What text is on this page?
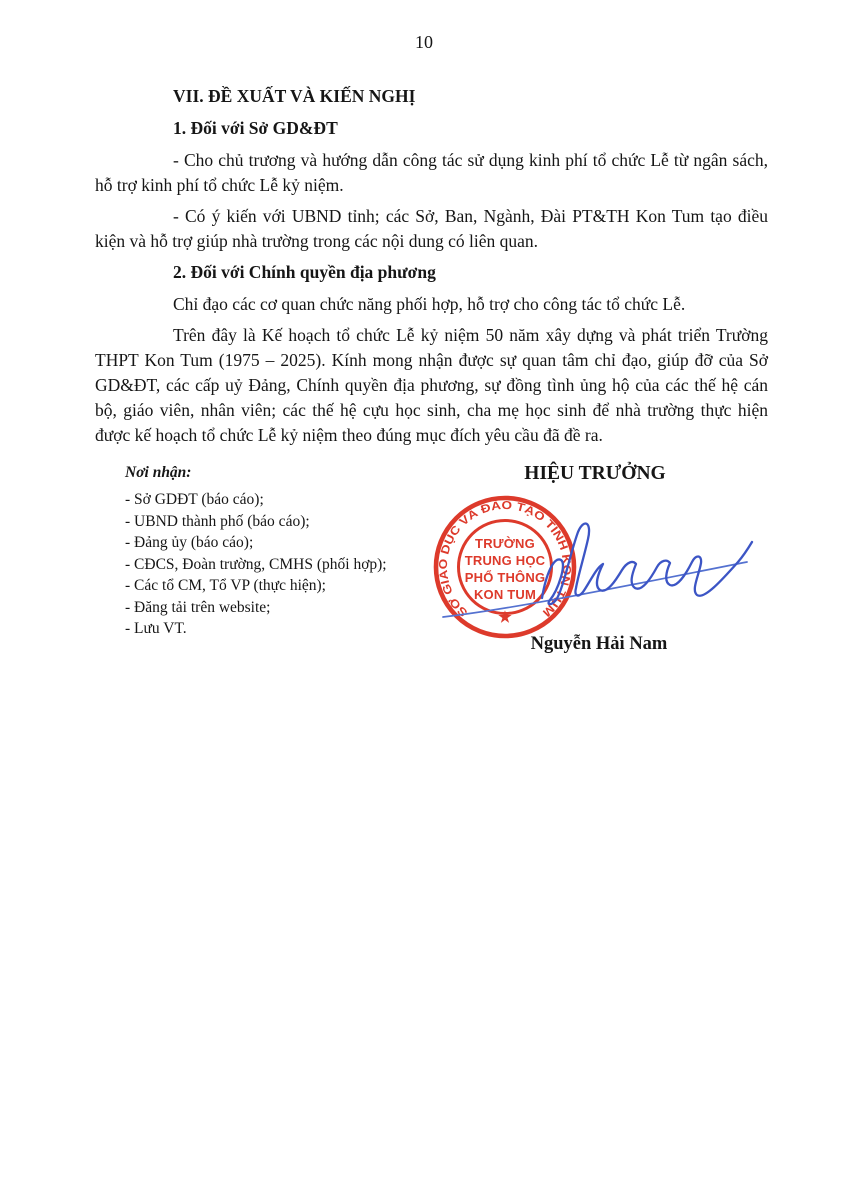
10
VII. ĐỀ XUẤT VÀ KIẾN NGHỊ
1. Đối với Sở GD&ĐT

- Cho chủ trương và hướng dẫn công tác sử dụng kinh phí tổ chức Lễ từ ngân sách, hỗ trợ kinh phí tổ chức Lễ kỷ niệm.

- Có ý kiến với UBND tỉnh; các Sở, Ban, Ngành, Đài PT&TH Kon Tum tạo điều kiện và hỗ trợ giúp nhà trường trong các nội dung có liên quan.

2. Đối với Chính quyền địa phương

Chỉ đạo các cơ quan chức năng phối hợp, hỗ trợ cho công tác tổ chức Lễ.

Trên đây là Kế hoạch tổ chức Lễ kỷ niệm 50 năm xây dựng và phát triển Trường THPT Kon Tum (1975 – 2025). Kính mong nhận được sự quan tâm chỉ đạo, giúp đỡ của Sở GD&ĐT, các cấp uỷ Đảng, Chính quyền địa phương, sự đồng tình ủng hộ của các thế hệ cán bộ, giáo viên, nhân viên; các thế hệ cựu học sinh, cha mẹ học sinh để nhà trường thực hiện được kế hoạch tổ chức Lễ kỷ niệm theo đúng mục đích yêu cầu đã đề ra.

Nơi nhận:
- Sở GDĐT (báo cáo);
- UBND thành phố (báo cáo);
- Đảng ủy (báo cáo);
- CĐCS, Đoàn trường, CMHS (phối hợp);
- Các tổ CM, Tổ VP (thực hiện);
- Đăng tải trên website;
- Lưu VT.
HIỆU TRƯỞNG
SỞ GIÁO DỤC VÀ ĐÀO TẠO TỈNH KON TUM
★
TRƯỜNG
TRUNG HỌC
PHỔ THÔNG
KON TUM
Nguyễn Hải Nam
